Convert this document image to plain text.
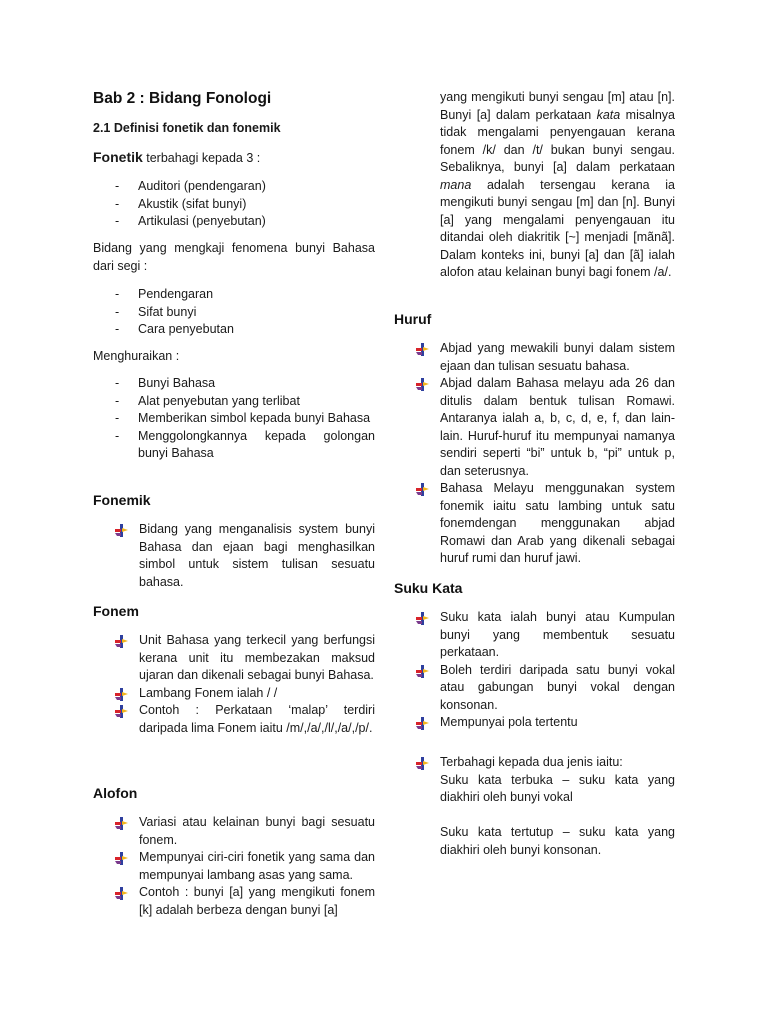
Bab 2 : Bidang Fonologi
2.1 Definisi fonetik dan fonemik
Fonetik terbahagi kepada 3 :
- Auditori (pendengaran)
- Akustik (sifat bunyi)
- Artikulasi (penyebutan)
Bidang yang mengkaji fenomena bunyi Bahasa dari segi :
- Pendengaran
- Sifat bunyi
- Cara penyebutan
Menghuraikan :
- Bunyi Bahasa
- Alat penyebutan yang terlibat
- Memberikan simbol kepada bunyi Bahasa
- Menggolongkannya kepada golongan bunyi Bahasa
Fonemik
Bidang yang menganalisis system bunyi Bahasa dan ejaan bagi menghasilkan simbol untuk sistem tulisan sesuatu bahasa.
Fonem
Unit Bahasa yang terkecil yang berfungsi kerana unit itu membezakan maksud ujaran dan dikenali sebagai bunyi Bahasa.
Lambang Fonem ialah / /
Contoh : Perkataan ‘malap’ terdiri daripada lima Fonem iaitu /m/,/a/,/l/,/a/,/p/.
Alofon
Variasi atau kelainan bunyi bagi sesuatu fonem.
Mempunyai ciri-ciri fonetik yang sama dan mempunyai lambang asas yang sama.
Contoh : bunyi [a] yang mengikuti fonem [k] adalah berbeza dengan bunyi [a]
yang mengikuti bunyi sengau [m] atau [n]. Bunyi [a] dalam perkataan kata misalnya tidak mengalami penyengauan kerana fonem /k/ dan /t/ bukan bunyi sengau. Sebaliknya, bunyi [a] dalam perkataan mana adalah tersengau kerana ia mengikuti bunyi sengau [m] dan [n]. Bunyi [a] yang mengalami penyengauan itu ditandai oleh diakritik [~] menjadi [mãnã]. Dalam konteks ini, bunyi [a] dan [ã] ialah alofon atau kelainan bunyi bagi fonem /a/.
Huruf
Abjad yang mewakili bunyi dalam sistem ejaan dan tulisan sesuatu bahasa.
Abjad dalam Bahasa melayu ada 26 dan ditulis dalam bentuk tulisan Romawi. Antaranya ialah a, b, c, d, e, f, dan lain-lain. Huruf-huruf itu mempunyai namanya sendiri seperti “bi” untuk b, “pi” untuk p, dan seterusnya.
Bahasa Melayu menggunakan system fonemik iaitu satu lambing untuk satu fonemdengan menggunakan abjad Romawi dan Arab yang dikenali sebagai huruf rumi dan huruf jawi.
Suku Kata
Suku kata ialah bunyi atau Kumpulan bunyi yang membentuk sesuatu perkataan.
Boleh terdiri daripada satu bunyi vokal atau gabungan bunyi vokal dengan konsonan.
Mempunyai pola tertentu
Terbahagi kepada dua jenis iaitu:
Suku kata terbuka – suku kata yang diakhiri oleh bunyi vokal

Suku kata tertutup – suku kata yang diakhiri oleh bunyi konsonan.
